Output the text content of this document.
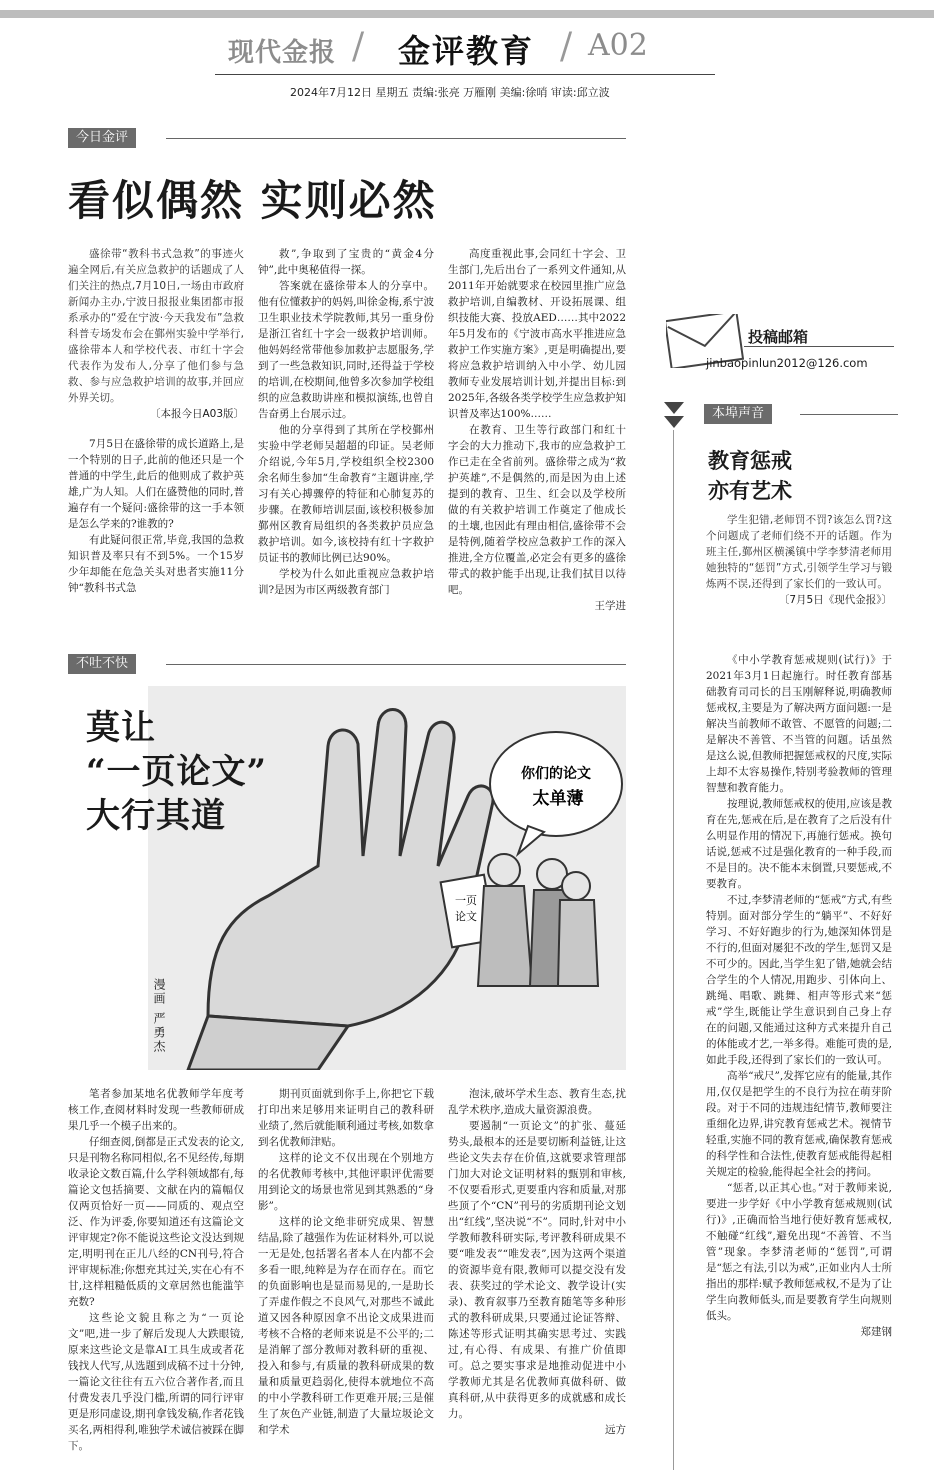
现代金报 / 金评教育 / A02
2024年7月12日 星期五 责编:张亮 万雁刚 美编:徐哨 审读:邱立波
今日金评
看似偶然 实则必然

盛徐带“教科书式急救”的事迹火遍全网后,有关应急救护的话题成了人们关注的热点,7月10日,一场由市政府新闻办主办,宁波日报报业集团都市报系承办的“爱在宁波·今天我发布”急救科普专场发布会在鄞州实验中学举行,盛徐带本人和学校代表、市红十字会代表作为发布人,分享了他们参与急救、参与应急救护培训的故事,并回应外界关切。

〔本报今日A03版〕

7月5日在盛徐带的成长道路上,是一个特别的日子,此前的他还只是一个普通的中学生,此后的他则成了救护英雄,广为人知。人们在盛赞他的同时,普遍存有一个疑问:盛徐带的这一手本领是怎么学来的?谁教的?

有此疑问很正常,毕竟,我国的急救知识普及率只有不到5%。一个15岁少年却能在危急关头对患者实施11分钟“教科书式急

救”,争取到了宝贵的“黄金4分钟”,此中奥秘值得一探。

答案就在盛徐带本人的分享中。他有位懂救护的妈妈,叫徐金梅,系宁波卫生职业技术学院教师,其另一重身份是浙江省红十字会一级救护培训师。他妈妈经常带他参加救护志愿服务,学到了一些急救知识,同时,还得益于学校的培训,在校期间,他曾多次参加学校组织的应急救助讲座和模拟演练,也曾自告奋勇上台展示过。

他的分享得到了其所在学校鄞州实验中学老师吴超超的印证。吴老师介绍说,今年5月,学校组织全校2300余名师生参加“生命教育”主题讲座,学习有关心搏骤停的特征和心肺复苏的步骤。在教师培训层面,该校积极参加鄞州区教育局组织的各类救护员应急救护培训。如今,该校持有红十字救护员证书的教师比例已达90%。

学校为什么如此重视应急救护培训?是因为市区两级教育部门

高度重视此事,会同红十字会、卫生部门,先后出台了一系列文件通知,从2011年开始就要求在校园里推广应急救护培训,自编教材、开设拓展课、组织技能大赛、投放AED……其中2022年5月发布的《宁波市高水平推进应急救护工作实施方案》,更是明确提出,要将应急救护培训纳入中小学、幼儿园教师专业发展培训计划,并提出目标:到2025年,各级各类学校学生应急救护知识普及率达100%……

在教育、卫生等行政部门和红十字会的大力推动下,我市的应急救护工作已走在全省前列。盛徐带之成为“救护英雄”,不是偶然的,而是因为由上述提到的教育、卫生、红会以及学校所做的有关救护培训工作奠定了他成长的土壤,也因此有理由相信,盛徐带不会是特例,随着学校应急救护工作的深入推进,全方位覆盖,必定会有更多的盛徐带式的救护能手出现,让我们拭目以待吧。

王学进
投稿邮箱
jinbaopinlun2012@126.com
本埠声音
教育惩戒
亦有艺术

学生犯错,老师罚不罚?该怎么罚?这个问题成了老师们绕不开的话题。作为班主任,鄞州区横溪镇中学李梦清老师用她独特的“惩罚”方式,引领学生学习与锻炼两不误,还得到了家长们的一致认可。

〔7月5日《现代金报》〕

《中小学教育惩戒规则(试行)》于2021年3月1日起施行。时任教育部基础教育司司长的吕玉刚解释说,明确教师惩戒权,主要是为了解决两方面问题:一是解决当前教师不敢管、不愿管的问题;二是解决不善管、不当管的问题。话虽然是这么说,但教师把握惩戒权的尺度,实际上却不太容易操作,特别考验教师的管理智慧和教育能力。

按理说,教师惩戒权的使用,应该是教育在先,惩戒在后,是在教育了之后没有什么明显作用的情况下,再施行惩戒。换句话说,惩戒不过是强化教育的一种手段,而不是目的。决不能本末倒置,只要惩戒,不要教育。

不过,李梦清老师的“惩戒”方式,有些特别。面对部分学生的“躺平”、不好好学习、不好好跑步的行为,她深知体罚是不行的,但面对屡犯不改的学生,惩罚又是不可少的。因此,当学生犯了错,她就会结合学生的个人情况,用跑步、引体向上、跳绳、唱歌、跳舞、相声等形式来“惩戒”学生,既能让学生意识到自己身上存在的问题,又能通过这种方式来提升自己的体能或才艺,一举多得。难能可贵的是,如此手段,还得到了家长们的一致认可。

高举“戒尺”,发挥它应有的能量,其作用,仅仅是把学生的不良行为拉在萌芽阶段。对于不同的违规违纪情节,教师要注重细化边界,讲究教育惩戒艺术。视情节轻重,实施不同的教育惩戒,确保教育惩戒的科学性和合法性,使教育惩戒能得起相关规定的检验,能得起全社会的拷问。

“惩者,以正其心也。”对于教师来说,要进一步学好《中小学教育惩戒规则(试行)》,正确而恰当地行使好教育惩戒权,不触碰“红线”,避免出现“不善管、不当管”现象。李梦清老师的“惩罚”,可谓是“惩之有法,引以为戒”,正如业内人士所指出的那样:赋予教师惩戒权,不是为了让学生向教师低头,而是要教育学生向规则低头。

郑建钢
不吐不快
你们的论文
太单薄
一页
论文
莫让
“一页论文”
大行其道
漫画 严勇杰

笔者参加某地名优教师学年度考核工作,查阅材料时发现一些教师研成果几乎一个模子出来的。

仔细查阅,倒都是正式发表的论文,只是刊物名称同相似,名不见经传,每期收录论文数百篇,什么学科领域都有,每篇论文包括摘要、文献在内的篇幅仅仅两页恰好一页——同质的、观点空泛、作为评委,你要知道还有这篇论文评审规定?你不能说这些论文没达到规定,明明刊在正儿八经的CN刊号,符合评审规标准;你想充其过关,实在心有不甘,这样粗糙低质的文章居然也能滥竽充数?

这些论文貌且称之为“一页论文”吧,进一步了解后发现人大跌眼镜,原来这些论文是靠AI工具生成或者花钱找人代写,从选题到成稿不过十分钟,一篇论文往往有五六位合著作者,而且付费发表几乎没门槛,所谓的同行评审更是形同虚设,期刊拿钱发稿,作者花钱买名,两相得利,唯独学术诚信被踩在脚下。

期刊页面就到你手上,你把它下载打印出来足够用来证明自己的教科研业绩了,然后就能顺利通过考核,如数拿到名优教师津贴。

这样的论文不仅出现在个别地方的名优教师考核中,其他评职评优需要用到论文的场景也常见到其熟悉的“身影”。

这样的论文绝非研究成果、智慧结晶,除了越强作为佐证材料外,可以说一无是处,包括署名者本人在内都不会多看一眼,纯粹是为存在而存在。而它的负面影响也是显而易见的,一是助长了弄虚作假之不良风气,对那些不诚此道又因各种原因拿不出论文成果进而考核不合格的老师来说是不公平的;二是消解了部分教师对教科研的重视、投入和参与,有质量的教科研成果的数量和质量更趋弱化,使得本就地位不高的中小学教科研工作更难开展;三是催生了灰色产业链,制造了大量垃圾论文和学术

泡沫,破坏学术生态、教育生态,扰乱学术秩序,造成大量资源浪费。

要遏制“一页论文”的扩张、蔓延势头,最根本的还是要切断利益链,让这些论文失去存在价值,这就要求管理部门加大对论文证明材料的甄别和审核,不仅要看形式,更要重内容和质量,对那些顶了个“CN”刊号的劣质期刊论文划出“红线”,坚决说“不”。同时,针对中小学教师教科研实际,考评教科研成果不要“唯发表”“唯发表”,因为这两个渠道的资源毕竟有限,教师可以提交没有发表、获奖过的学术论文、教学设计(实录)、教育叙事乃至教育随笔等多种形式的教科研成果,只要通过论证答辩、陈述等形式证明其确实思考过、实践过,有心得、有成果、有推广价值即可。总之要实事求是地推动促进中小学教师尤其是名优教师真做科研、做真科研,从中获得更多的成就感和成长力。

远方
